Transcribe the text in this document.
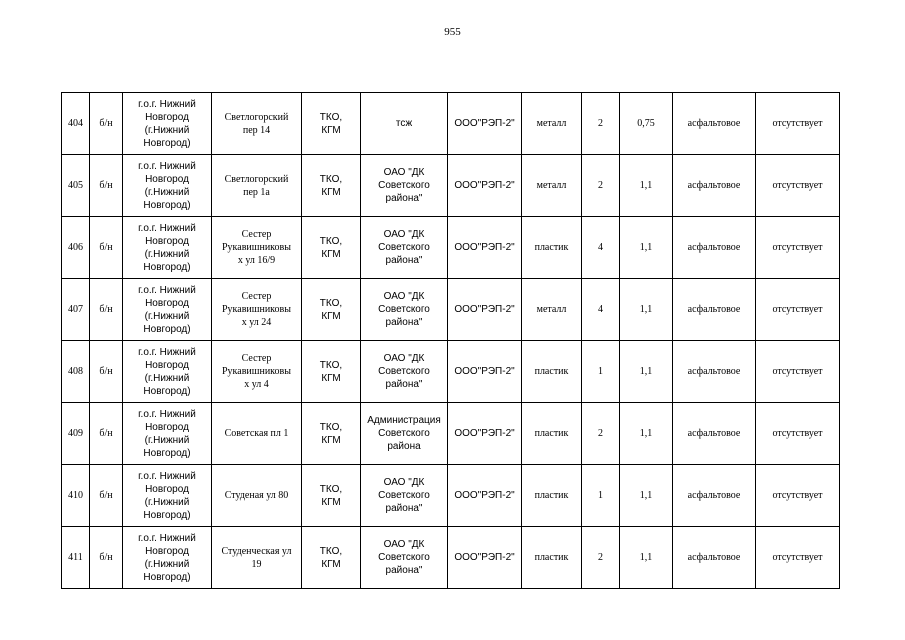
955
404	б/н	г.о.г. Нижний
Новгород
(г.Нижний
Новгород)	Светлогорский
пер 14	ТКО,
КГМ	тсж	ООО"РЭП-2"	металл	2	0,75	асфальтовое	отсутствует
405	б/н	г.о.г. Нижний
Новгород
(г.Нижний
Новгород)	Светлогорский
пер 1а	ТКО,
КГМ	ОАО "ДК
Советского
района"	ООО"РЭП-2"	металл	2	1,1	асфальтовое	отсутствует
406	б/н	г.о.г. Нижний
Новгород
(г.Нижний
Новгород)	Сестер
Рукавишниковы
х ул 16/9	ТКО,
КГМ	ОАО "ДК
Советского
района"	ООО"РЭП-2"	пластик	4	1,1	асфальтовое	отсутствует
407	б/н	г.о.г. Нижний
Новгород
(г.Нижний
Новгород)	Сестер
Рукавишниковы
х ул 24	ТКО,
КГМ	ОАО "ДК
Советского
района"	ООО"РЭП-2"	металл	4	1,1	асфальтовое	отсутствует
408	б/н	г.о.г. Нижний
Новгород
(г.Нижний
Новгород)	Сестер
Рукавишниковы
х ул 4	ТКО,
КГМ	ОАО "ДК
Советского
района"	ООО"РЭП-2"	пластик	1	1,1	асфальтовое	отсутствует
409	б/н	г.о.г. Нижний
Новгород
(г.Нижний
Новгород)	Советская пл 1	ТКО,
КГМ	Администрация
Советского
района	ООО"РЭП-2"	пластик	2	1,1	асфальтовое	отсутствует
410	б/н	г.о.г. Нижний
Новгород
(г.Нижний
Новгород)	Студеная ул 80	ТКО,
КГМ	ОАО "ДК
Советского
района"	ООО"РЭП-2"	пластик	1	1,1	асфальтовое	отсутствует
411	б/н	г.о.г. Нижний
Новгород
(г.Нижний
Новгород)	Студенческая ул
19	ТКО,
КГМ	ОАО "ДК
Советского
района"	ООО"РЭП-2"	пластик	2	1,1	асфальтовое	отсутствует
